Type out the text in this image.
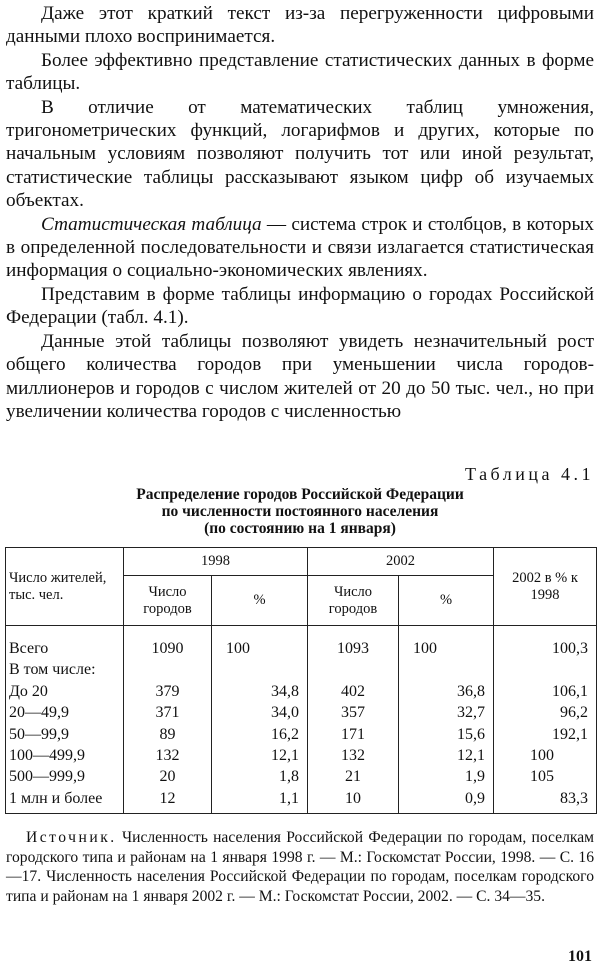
Даже этот краткий текст из-за перегруженности цифровыми данными плохо воспринимается.

Более эффективно представление статистических данных в форме таблицы.

В отличие от математических таблиц умножения, тригонометрических функций, логарифмов и других, которые по начальным условиям позволяют получить тот или иной результат, статистические таблицы рассказывают языком цифр об изучаемых объектах.

Статистическая таблица — система строк и столбцов, в которых в определенной последовательности и связи излагается статистическая информация о социально-экономических явлениях.

Представим в форме таблицы информацию о городах Российской Федерации (табл. 4.1).

Данные этой таблицы позволяют увидеть незначительный рост общего количества городов при уменьшении числа городов-миллионеров и городов с числом жителей от 20 до 50 тыс. чел., но при увеличении количества городов с численностью

Таблица 4.1
Распределение городов Российской Федерации
по численности постоянного населения
(по состоянию на 1 января)
Число жителей, тыс. чел.	1998		2002		2002 в % к 1998
	Число городов	%	Число городов	%	
Всего	1090	100	1093	100	100,3
В том числе:					
До 20	379	34,8	402	36,8	106,1
20—49,9	371	34,0	357	32,7	96,2
50—99,9	89	16,2	171	15,6	192,1
100—499,9	132	12,1	132	12,1	100
500—999,9	20	1,8	21	1,9	105
1 млн и более	12	1,1	10	0,9	83,3

Источник. Численность населения Российской Федерации по городам, поселкам городского типа и районам на 1 января 1998 г. — М.: Госкомстат России, 1998. — С. 16—17. Численность населения Российской Федерации по городам, поселкам городского типа и районам на 1 января 2002 г. — М.: Госкомстат России, 2002. — С. 34—35.

101
